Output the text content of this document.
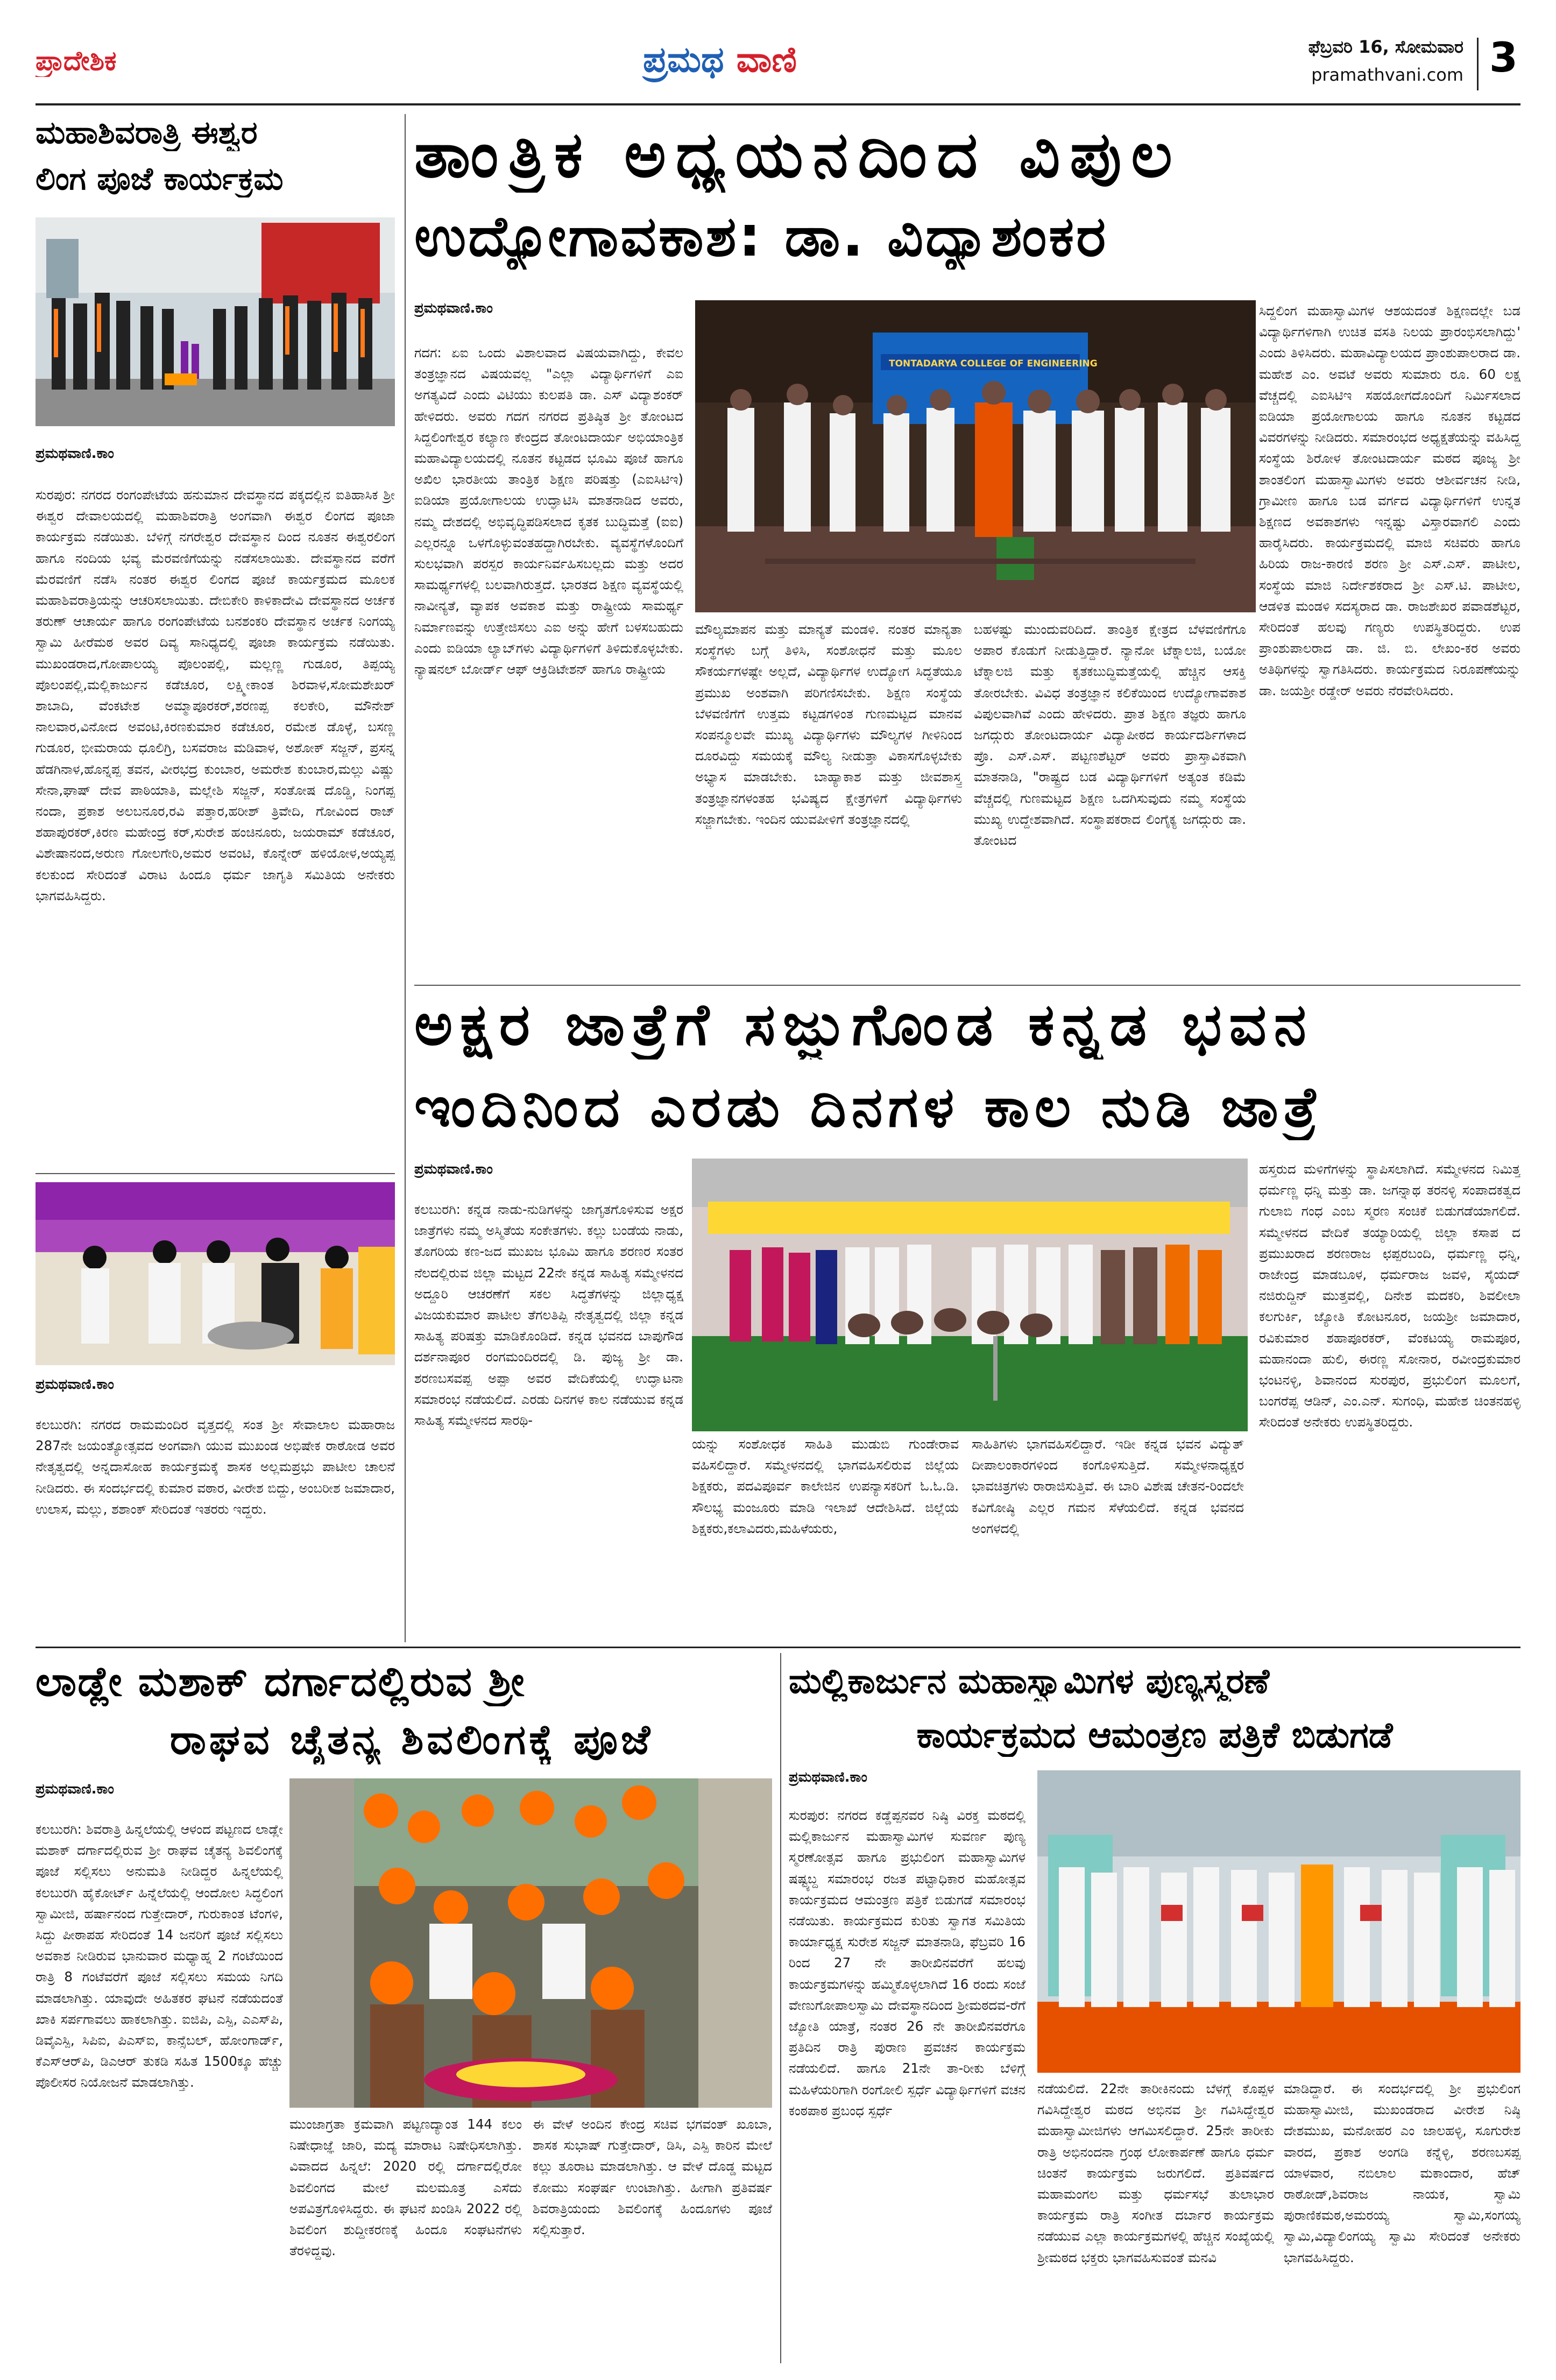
ಪ್ರಾದೇಶಿಕ	ಪ್ರಮಥ ವಾಣಿ	ಫೆಬ್ರವರಿ 16, ಸೋಮವಾರ
pramathvani.com 3
ಮಹಾಶಿವರಾತ್ರಿ ಈಶ್ವರ
ಲಿಂಗ ಪೂಜೆ ಕಾರ್ಯಕ್ರಮ
ಪ್ರಮಥವಾಣಿ.ಕಾಂ
ಸುರಪುರ: ನಗರದ ರಂಗಂಪೇಟೆಯ ಹನುಮಾನ ದೇವಸ್ಥಾನದ ಪಕ್ಕದಲ್ಲಿನ ಐತಿಹಾಸಿಕ ಶ್ರೀ ಈಶ್ವರ ದೇವಾಲಯದಲ್ಲಿ ಮಹಾಶಿವರಾತ್ರಿ ಅಂಗವಾಗಿ ಈಶ್ವರ ಲಿಂಗದ ಪೂಜಾ ಕಾರ್ಯಕ್ರಮ ನಡೆಯಿತು. ಬೆಳಿಗ್ಗೆ ನಗರೇಶ್ವರ ದೇವಸ್ಥಾನ ದಿಂದ ನೂತನ ಈಶ್ವರಲಿಂಗ ಹಾಗೂ ನಂದಿಯ ಭವ್ಯ ಮೆರವಣಿಗೆಯನ್ನು ನಡೆಸಲಾಯಿತು. ದೇವಸ್ಥಾನದ ವರೆಗೆ ಮೆರವಣಿಗೆ ನಡೆಸಿ ನಂತರ ಈಶ್ವರ ಲಿಂಗದ ಪೂಜೆ ಕಾರ್ಯಕ್ರಮದ ಮೂಲಕ ಮಹಾಶಿವರಾತ್ರಿಯನ್ನು ಆಚರಿಸಲಾಯಿತು. ದೇಬಿಕೇರಿ ಕಾಳಿಕಾದೇವಿ ದೇವಸ್ಥಾನದ ಅರ್ಚಕ ತರುಣ್ ಆಚಾರ್ಯ ಹಾಗೂ ರಂಗಂಪೇಟೆಯ ಬನಶಂಕರಿ ದೇವಸ್ಥಾನ ಅರ್ಚಕ ನಿಂಗಯ್ಯ ಸ್ವಾಮಿ ಹೀರೆಮಠ ಅವರ ದಿವ್ಯ ಸಾನಿಧ್ಯದಲ್ಲಿ ಪೂಜಾ ಕಾರ್ಯಕ್ರಮ ನಡೆಯಿತು. ಮುಖಂಡರಾದ,ಗೋಪಾಲಯ್ಯ ಪೊಲಂಪಲ್ಲಿ, ಮಲ್ಲಣ್ಣ ಗುಡೂರ, ತಿಪ್ಪಯ್ಯ ಪೊಲಂಪಲ್ಲಿ,ಮಲ್ಲಿಕಾರ್ಜುನ ಕಡೆಚೂರ, ಲಕ್ಷ್ಮೀಕಾಂತ ಶಿರವಾಳ,ಸೋಮಶೇಖರ್ ಶಾಬಾದಿ, ವೆಂಕಟೇಶ ಅಮ್ಮಾಪೂರಕರ್,ಶರಣಪ್ಪ ಕಲಕೇರಿ, ಮೌನೇಶ್ ನಾಲವಾರ,ವಿನೋದ ಅವಂಟಿ,ಕಿರಣಕುಮಾರ ಕಡೆಚೂರ, ರಮೇಶ ಡೊಳ್ಳೆ, ಬಸಣ್ಣ ಗುಡೂರ, ಭೀಮರಾಯ ಧೂಲಿಗ್ರಿ, ಬಸವರಾಜ ಮಡಿವಾಳ, ಅಶೋಕ್ ಸಜ್ಜನ್, ಪ್ರಸನ್ನ ಹೆಡಗಿನಾಳ,ಹೊನ್ನಪ್ಪ ತವನ, ವೀರಭದ್ರ ಕುಂಬಾರ, ಅಮರೇಶ ಕುಂಬಾರ,ಮಲ್ಲು ವಿಷ್ಣು ಸೇನಾ,ಘಾಷ್ ದೇವ ಪಾಠಿಯಾತಿ, ಮಲ್ಲೇಶಿ ಸಜ್ಜನ್, ಸಂತೋಷ ದೊಡ್ಡಿ, ನಿಂಗಪ್ಪ ನಂದಾ, ಪ್ರಕಾಶ ಅಲಬನೂರ,ರವಿ ಪತ್ತಾರ,ಹರೀಶ್ ತ್ರಿವೇದಿ, ಗೋವಿಂದ ರಾಜ್ ಶಹಾಪುರಕರ್,ಕಿರಣ ಮಹೇಂದ್ರ ಕರ್,ಸುರೇಶ ಹಂಚಿನೂರು, ಜಯರಾಮ್ ಕಡೆಚೂರ, ವಿಶೇಷಾನಂದ,ಅರುಣ ಗೋಲಗೇರಿ,ಅಮರ ಅವಂಟಿ, ಕೊನ್ನೇರ್ ಹಳಿಯೋಳ,ಅಯ್ಯಪ್ಪ ಕಲಕುಂದ ಸೇರಿದಂತೆ ವಿರಾಟ ಹಿಂದೂ ಧರ್ಮ ಜಾಗೃತಿ ಸಮಿತಿಯ ಅನೇಕರು ಭಾಗವಹಿಸಿದ್ದರು.
ಪ್ರಮಥವಾಣಿ.ಕಾಂ
ಕಲಬುರಗಿ: ನಗರದ ರಾಮಮಂದಿರ ವೃತ್ತದಲ್ಲಿ ಸಂತ ಶ್ರೀ ಸೇವಾಲಾಲ ಮಹಾರಾಜ 287ನೇ ಜಯಂತ್ಯೋತ್ಸವದ ಅಂಗವಾಗಿ ಯುವ ಮುಖಂಡ ಅಭಿಷೇಕ ರಾಠೋಡ ಅವರ ನೇತೃತ್ವದಲ್ಲಿ ಅನ್ನದಾಸೋಹ ಕಾರ್ಯಕ್ರಮಕ್ಕೆ ಶಾಸಕ ಅಲ್ಲಮಪ್ರಭು ಪಾಟೀಲ ಚಾಲನೆ ನೀಡಿದರು. ಈ ಸಂದರ್ಭದಲ್ಲಿ ಕುಮಾರ ವಠಾರ, ವೀರೇಶ ಬಿದ್ದು, ಅಂಬರೀಶ ಜಮಾದಾರ, ಉಲಾಸ, ಮಲ್ಲು, ಶಶಾಂಕ್ ಸೇರಿದಂತೆ ಇತರರು ಇದ್ದರು.
ತಾಂತ್ರಿಕ ಅಧ್ಯಯನದಿಂದ ವಿಪುಲ
ಉದ್ಯೋಗಾವಕಾಶ: ಡಾ. ವಿದ್ಯಾಶಂಕರ
ಪ್ರಮಥವಾಣಿ.ಕಾಂ
ಗದಗ: ಏಐ ಒಂದು ವಿಶಾಲವಾದ ವಿಷಯವಾಗಿದ್ದು, ಕೇವಲ ತಂತ್ರಜ್ಞಾನದ ವಿಷಯವಲ್ಲ "ಎಲ್ಲಾ ವಿದ್ಯಾರ್ಥಿಗಳಿಗೆ ಎಐ ಅಗತ್ಯವಿದೆ ಎಂದು ವಿಟಿಯು ಕುಲಪತಿ ಡಾ. ಎಸ್ ವಿದ್ಯಾಶಂಕರ್ ಹೇಳಿದರು. ಅವರು ಗದಗ ನಗರದ ಪ್ರತಿಷ್ಠಿತ ಶ್ರೀ ತೋಂಟದ ಸಿದ್ದಲಿಂಗೇಶ್ವರ ಕಲ್ಯಾಣ ಕೇಂದ್ರದ ತೋಂಟದಾರ್ಯ ಅಭಿಯಾಂತ್ರಿಕ ಮಹಾವಿದ್ಯಾಲಯದಲ್ಲಿ ನೂತನ ಕಟ್ಟಡದ ಭೂಮಿ ಪೂಜೆ ಹಾಗೂ ಅಖಿಲ ಭಾರತೀಯ ತಾಂತ್ರಿಕ ಶಿಕ್ಷಣ ಪರಿಷತ್ತು (ಎಐಸಿಟಿಇ) ಐಡಿಯಾ ಪ್ರಯೋಗಾಲಯ ಉದ್ಘಾಟಿಸಿ ಮಾತನಾಡಿದ ಅವರು, ನಮ್ಮ ದೇಶದಲ್ಲಿ ಅಭಿವೃದ್ಧಿಪಡಿಸಲಾದ ಕೃತಕ ಬುದ್ಧಿಮತ್ತೆ (ಐಐ) ಎಲ್ಲರನ್ನೂ ಒಳಗೊಳ್ಳುವಂತಹದ್ದಾಗಿರಬೇಕು. ವ್ಯವಸ್ಥೆಗಳೊಂದಿಗೆ ಸುಲಭವಾಗಿ ಪರಸ್ಪರ ಕಾರ್ಯನಿರ್ವಹಿಸಬಲ್ಲದು ಮತ್ತು ಅದರ ಸಾಮರ್ಥ್ಯಗಳಲ್ಲಿ ಬಲವಾಗಿರುತ್ತದೆ. ಭಾರತದ ಶಿಕ್ಷಣ ವ್ಯವಸ್ಥೆಯಲ್ಲಿ ನಾವೀನ್ಯತೆ, ವ್ಯಾಪಕ ಅವಕಾಶ ಮತ್ತು ರಾಷ್ಟ್ರೀಯ ಸಾಮರ್ಥ್ಯ ನಿರ್ಮಾಣವನ್ನು ಉತ್ತೇಜಿಸಲು ಎಐ ಅನ್ನು ಹೇಗೆ ಬಳಸಬಹುದು ಎಂದು ಐಡಿಯಾ ಲ್ಯಾಬ್‌ಗಳು ವಿದ್ಯಾರ್ಥಿಗಳಿಗೆ ತಿಳಿದುಕೊಳ್ಳಬೇಕು. ನ್ಯಾಷನಲ್ ಬೋರ್ಡ್ ಆಫ್ ಆಕ್ರಿಡಿಟೇಶನ್ ಹಾಗೂ ರಾಷ್ಟ್ರೀಯ
TONTADARYA COLLEGE OF ENGINEERING
ಮೌಲ್ಯಮಾಪನ ಮತ್ತು ಮಾನ್ಯತೆ ಮಂಡಳಿ. ನಂತರ ಮಾನ್ಯತಾ ಸಂಸ್ಥೆಗಳು ಬಗ್ಗೆ ತಿಳಿಸಿ, ಸಂಶೋಧನೆ ಮತ್ತು ಮೂಲ ಸೌಕರ್ಯಗಳಷ್ಟೇ ಅಲ್ಲದೆ, ವಿದ್ಯಾರ್ಥಿಗಳ ಉದ್ಯೋಗ ಸಿದ್ಧತೆಯೂ ಪ್ರಮುಖ ಅಂಶವಾಗಿ ಪರಿಗಣಿಸಬೇಕು. ಶಿಕ್ಷಣ ಸಂಸ್ಥೆಯ ಬೆಳವಣಿಗೆಗೆ ಉತ್ತಮ ಕಟ್ಟಡಗಳಿಂತ ಗುಣಮಟ್ಟದ ಮಾನವ ಸಂಪನ್ಮೂಲವೇ ಮುಖ್ಯ ವಿದ್ಯಾರ್ಥಿಗಳು ಮೌಲ್ಯಗಳ ಗೀಳಿನಿಂದ ದೂರವಿದ್ದು ಸಮಯಕ್ಕೆ ಮೌಲ್ಯ ನೀಡುತ್ತಾ ವಿಕಾಸಗೊಳ್ಳಬೇಕು ಅಭ್ಯಾಸ ಮಾಡಬೇಕು. ಬಾಹ್ಯಾಕಾಶ ಮತ್ತು ಜೀವಶಾಸ್ತ್ರ ತಂತ್ರಜ್ಞಾನಗಳಂತಹ ಭವಿಷ್ಯದ ಕ್ಷೇತ್ರಗಳಿಗೆ ವಿದ್ಯಾರ್ಥಿಗಳು ಸಜ್ಜಾಗಬೇಕು. ಇಂದಿನ ಯುವಪೀಳಿಗೆ ತಂತ್ರಜ್ಞಾನದಲ್ಲಿ
ಬಹಳಷ್ಟು ಮುಂದುವರಿದಿದೆ. ತಾಂತ್ರಿಕ ಕ್ಷೇತ್ರದ ಬೆಳವಣಿಗೆಗೂ ಅಪಾರ ಕೊಡುಗೆ ನೀಡುತ್ತಿದ್ದಾರೆ. ನ್ಯಾನೋ ಟೆಕ್ನಾಲಜಿ, ಬಯೋ ಟೆಕ್ನಾಲಜಿ ಮತ್ತು ಕೃತಕಬುದ್ಧಿಮತ್ತೆಯಲ್ಲಿ ಹೆಚ್ಚಿನ ಆಸಕ್ತಿ ತೋರಬೇಕು. ವಿವಿಧ ತಂತ್ರಜ್ಞಾನ ಕಲಿಕೆಯಿಂದ ಉದ್ಯೋಗಾವಕಾಶ ವಿಪುಲವಾಗಿವೆ ಎಂದು ಹೇಳಿದರು. ಪ್ರಾತ ಶಿಕ್ಷಣ ತಜ್ಞರು ಹಾಗೂ ಜಗದ್ಗುರು ತೋಂಟದಾರ್ಯ ವಿದ್ಯಾಪೀಠದ ಕಾರ್ಯದರ್ಶಿಗಳಾದ ಪ್ರೊ. ಎಸ್.ಎಸ್. ಪಟ್ಟಣಶೆಟ್ಟರ್ ಅವರು ಪ್ರಾಸ್ತಾವಿಕವಾಗಿ ಮಾತನಾಡಿ, "ರಾಷ್ಟ್ರದ ಬಡ ವಿದ್ಯಾರ್ಥಿಗಳಿಗೆ ಅತ್ಯಂತ ಕಡಿಮೆ ವೆಚ್ಚದಲ್ಲಿ ಗುಣಮಟ್ಟದ ಶಿಕ್ಷಣ ಒದಗಿಸುವುದು ನಮ್ಮ ಸಂಸ್ಥೆಯ ಮುಖ್ಯ ಉದ್ದೇಶವಾಗಿದೆ. ಸಂಸ್ಥಾಪಕರಾದ ಲಿಂಗೈಕ್ಯ ಜಗದ್ಗುರು ಡಾ. ತೋಂಟದ
ಸಿದ್ದಲಿಂಗ ಮಹಾಸ್ವಾಮಿಗಳ ಆಶಯದಂತೆ ಶಿಕ್ಷಣದಲ್ಲೇ ಬಡ ವಿದ್ಯಾರ್ಥಿಗಳಿಗಾಗಿ ಉಚಿತ ವಸತಿ ನಿಲಯ ಪ್ರಾರಂಭಿಸಲಾಗಿದ್ದು' ಎಂದು ತಿಳಿಸಿದರು. ಮಹಾವಿದ್ಯಾಲಯದ ಪ್ರಾಂಶುಪಾಲರಾದ ಡಾ. ಮಹೇಶ ಎಂ. ಅವಟೆ ಅವರು ಸುಮಾರು ರೂ. 60 ಲಕ್ಷ ವೆಚ್ಚದಲ್ಲಿ ಎಐಸಿಟಿಇ ಸಹಯೋಗದೊಂದಿಗೆ ನಿರ್ಮಿಸಲಾದ ಐಡಿಯಾ ಪ್ರಯೋಗಾಲಯ ಹಾಗೂ ನೂತನ ಕಟ್ಟಡದ ವಿವರಗಳನ್ನು ನೀಡಿದರು. ಸಮಾರಂಭದ ಅಧ್ಯಕ್ಷತೆಯನ್ನು ವಹಿಸಿದ್ದ ಸಂಸ್ಥೆಯ ಶಿರೋಳ ತೋಂಟದಾರ್ಯ ಮಠದ ಪೂಜ್ಯ ಶ್ರೀ ಶಾಂತಲಿಂಗ ಮಹಾಸ್ವಾಮಿಗಳು ಅವರು ಆಶೀರ್ವಚನ ನೀಡಿ, ಗ್ರಾಮೀಣ ಹಾಗೂ ಬಡ ವರ್ಗದ ವಿದ್ಯಾರ್ಥಿಗಳಿಗೆ ಉನ್ನತ ಶಿಕ್ಷಣದ ಅವಕಾಶಗಳು ಇನ್ನಷ್ಟು ವಿಸ್ತಾರವಾಗಲಿ ಎಂದು ಹಾರೈಸಿದರು. ಕಾರ್ಯಕ್ರಮದಲ್ಲಿ ಮಾಜಿ ಸಚಿವರು ಹಾಗೂ ಹಿರಿಯ ರಾಜ-ಕಾರಣಿ ಶರಣ ಶ್ರೀ ಎಸ್.ಎಸ್. ಪಾಟೀಲ, ಸಂಸ್ಥೆಯ ಮಾಜಿ ನಿರ್ದೇಶಕರಾದ ಶ್ರೀ ಎಸ್.ಟಿ. ಪಾಟೀಲ, ಆಡಳಿತ ಮಂಡಳಿ ಸದಸ್ಯರಾದ ಡಾ. ರಾಜಶೇಖರ ಪವಾಡಶೆಟ್ಟರ, ಸೇರಿದಂತೆ ಹಲವು ಗಣ್ಯರು ಉಪಸ್ಥಿತರಿದ್ದರು. ಉಪ ಪ್ರಾಂಶುಪಾಲರಾದ ಡಾ. ಜಿ. ಬಿ. ಲೇಖಂ-ಕರ ಅವರು ಅತಿಥಿಗಳನ್ನು ಸ್ವಾಗತಿಸಿದರು. ಕಾರ್ಯಕ್ರಮದ ನಿರೂಪಣೆಯನ್ನು ಡಾ. ಜಯಶ್ರೀ ರಡ್ಡೇರ್ ಅವರು ನೆರವೇರಿಸಿದರು.
ಅಕ್ಷರ ಜಾತ್ರೆಗೆ ಸಜ್ಜುಗೊಂಡ ಕನ್ನಡ ಭವನ
ಇಂದಿನಿಂದ ಎರಡು ದಿನಗಳ ಕಾಲ ನುಡಿ ಜಾತ್ರೆ
ಪ್ರಮಥವಾಣಿ.ಕಾಂ
ಕಲಬುರಗಿ: ಕನ್ನಡ ನಾಡು-ನುಡಿಗಳನ್ನು ಜಾಗೃತಗೊಳಿಸುವ ಅಕ್ಷರ ಜಾತ್ರೆಗಳು ನಮ್ಮ ಅಸ್ಮಿತೆಯ ಸಂಕೇತಗಳು. ಕಲ್ಲು ಬಂಡೆಯ ನಾಡು, ತೊಗರಿಯ ಕಣ-ಜದ ಮುಖಜ ಭೂಮಿ ಹಾಗೂ ಶರಣರ ಸಂತರ ನೆಲದಲ್ಲಿರುವ ಜಿಲ್ಲಾ ಮಟ್ಟದ 22ನೇ ಕನ್ನಡ ಸಾಹಿತ್ಯ ಸಮ್ಮೇಳನದ ಅದ್ದೂರಿ ಆಚರಣೆಗೆ ಸಕಲ ಸಿದ್ಧತೆಗಳನ್ನು ಜಿಲ್ಲಾಧ್ಯಕ್ಷ ವಿಜಯಕುಮಾರ ಪಾಟೀಲ ತೆಗಲತಿಪ್ಪಿ ನೇತೃತ್ವದಲ್ಲಿ ಜಿಲ್ಲಾ ಕನ್ನಡ ಸಾಹಿತ್ಯ ಪರಿಷತ್ತು ಮಾಡಿಕೊಂಡಿದೆ. ಕನ್ನಡ ಭವನದ ಬಾಪುಗೌಡ ದರ್ಶನಾಪೂರ ರಂಗಮಂದಿರದಲ್ಲಿ ಡಿ. ಪುಜ್ಯ ಶ್ರೀ ಡಾ. ಶರಣಬಸವಪ್ಪ ಅಪ್ಪಾ ಅವರ ವೇದಿಕೆಯಲ್ಲಿ ಉದ್ಘಾಟನಾ ಸಮಾರಂಭ ನಡೆಯಲಿದೆ. ಎರಡು ದಿನಗಳ ಕಾಲ ನಡೆಯುವ ಕನ್ನಡ ಸಾಹಿತ್ಯ ಸಮ್ಮೇಳನದ ಸಾರಥಿ-
ಯನ್ನು ಸಂಶೋಧಕ ಸಾಹಿತಿ ಮುಡುಬಿ ಗುಂಡೇರಾವ ವಹಿಸಲಿದ್ದಾರೆ. ಸಮ್ಮೇಳನದಲ್ಲಿ ಭಾಗವಹಿಸಲಿರುವ ಜಿಲ್ಲೆಯ ಶಿಕ್ಷಕರು, ಪದವಿಪೂರ್ವ ಕಾಲೇಜಿನ ಉಪನ್ಯಾಸಕರಿಗೆ ಓ.ಓ.ಡಿ. ಸೌಲಭ್ಯ ಮಂಜೂರು ಮಾಡಿ ಇಲಾಖೆ ಆದೇಶಿಸಿದೆ. ಜಿಲ್ಲೆಯ ಶಿಕ್ಷಕರು,ಕಲಾವಿದರು,ಮಹಿಳೆಯರು,
ಸಾಹಿತಿಗಳು ಭಾಗವಹಿಸಲಿದ್ದಾರೆ. ಇಡೀ ಕನ್ನಡ ಭವನ ವಿದ್ಯುತ್ ದೀಪಾಲಂಕಾರಗಳಿಂದ ಕಂಗೊಳಿಸುತ್ತಿದೆ. ಸಮ್ಮೇಳನಾಧ್ಯಕ್ಷರ ಭಾವಚಿತ್ರಗಳು ರಾರಾಜಿಸುತ್ತಿವೆ. ಈ ಬಾರಿ ವಿಶೇಷ ಚೇತನ-ರಿಂದಲೇ ಕವಿಗೋಷ್ಠಿ ಎಲ್ಲರ ಗಮನ ಸೆಳೆಯಲಿದೆ. ಕನ್ನಡ ಭವನದ ಅಂಗಳದಲ್ಲಿ
ಹಸ್ತರುದ ಮಳಿಗೆಗಳನ್ನು ಸ್ಥಾಪಿಸಲಾಗಿದೆ. ಸಮ್ಮೇಳನದ ನಿಮಿತ್ತ ಧರ್ಮಣ್ಣ ಧನ್ನಿ ಮತ್ತು ಡಾ. ಜಗನ್ನಾಥ ತರನಳ್ಳಿ ಸಂಪಾದಕತ್ವದ ಗುಲಾಬಿ ಗಂಧ ಎಂಬ ಸ್ಮರಣ ಸಂಚಿಕೆ ಬಿಡುಗಡೆಯಾಗಲಿದೆ. ಸಮ್ಮೇಳನದ ವೇದಿಕೆ ತಯ್ಯಾರಿಯಲ್ಲಿ ಜಿಲ್ಲಾ ಕಸಾಪ ದ ಪ್ರಮುಖರಾದ ಶರಣರಾಜ ಛಪ್ಪರಬಂದಿ, ಧರ್ಮಣ್ಣ ಧನ್ನಿ, ರಾಜೇಂದ್ರ ಮಾಡಬೂಳ, ಧರ್ಮರಾಜ ಜವಳಿ, ಸೈಯದ್ ನಜಿರುದ್ದಿನ್ ಮುತ್ತವಲ್ಲಿ, ದಿನೇಶ ಮದಕರಿ, ಶಿವಲೀಲಾ ಕಲಗುರ್ಕಿ, ಜ್ಯೋತಿ ಕೋಟನೂರ, ಜಯಶ್ರೀ ಜಮಾದಾರ, ರವಿಕುಮಾರ ಶಹಾಪೂರಕರ್, ವೆಂಕಟಯ್ಯ ರಾಮಪೂರ, ಮಹಾನಂದಾ ಹುಲಿ, ಈರಣ್ಣ ಸೋನಾರ, ರವೀಂದ್ರಕುಮಾರ ಭಂಟನಳ್ಳಿ, ಶಿವಾನಂದ ಸುರಪುರ, ಪ್ರಭುಲಿಂಗ ಮೂಲಗೆ, ಬಂಗರೆಪ್ಪ ಆಡಿನ್, ಎಂ.ಎನ್. ಸುಗಂಧಿ, ಮಹೇಶ ಚಿಂತನಹಳ್ಳಿ ಸೇರಿದಂತೆ ಅನೇಕರು ಉಪಸ್ಥಿತರಿದ್ದರು.
ಲಾಡ್ಲೇ ಮಶಾಕ್ ದರ್ಗಾದಲ್ಲಿರುವ ಶ್ರೀ
ರಾಘವ ಚೈತನ್ಯ ಶಿವಲಿಂಗಕ್ಕೆ ಪೂಜೆ
ಪ್ರಮಥವಾಣಿ.ಕಾಂ
ಕಲಬುರಗಿ: ಶಿವರಾತ್ರಿ ಹಿನ್ನಲೆಯಲ್ಲಿ ಆಳಂದ ಪಟ್ಟಣದ ಲಾಡ್ಲೇ ಮಶಾಕ್ ದರ್ಗಾದಲ್ಲಿರುವ ಶ್ರೀ ರಾಘವ ಚೈತನ್ಯ ಶಿವಲಿಂಗಕ್ಕೆ ಪೂಜೆ ಸಲ್ಲಿಸಲು ಅನುಮತಿ ನೀಡಿದ್ದರ ಹಿನ್ನಲೆಯಲ್ಲಿ ಕಲಬುರಗಿ ಹೈಕೋರ್ಟ್ ಹಿನ್ನೆಲೆಯಲ್ಲಿ ಆಂದೋಲ ಸಿದ್ಧಲಿಂಗ ಸ್ವಾಮೀಜಿ, ಹರ್ಷಾನಂದ ಗುತ್ತೇದಾರ್, ಗುರುಕಾಂತ ಟೆಂಗಳಿ, ಸಿದ್ದು ಪೀಠಾಪಹ ಸೇರಿದಂತೆ 14 ಜನರಿಗೆ ಪೂಜೆ ಸಲ್ಲಿಸಲು ಅವಕಾಶ ನೀಡಿರುವ ಭಾನುವಾರ ಮಧ್ಯಾಹ್ನ 2 ಗಂಟೆಯಿಂದ ರಾತ್ರಿ 8 ಗಂಟೆವರೆಗೆ ಪೂಜೆ ಸಲ್ಲಿಸಲು ಸಮಯ ನಿಗದಿ ಮಾಡಲಾಗಿತ್ತು. ಯಾವುದೇ ಅಹಿತಕರ ಘಟನೆ ನಡೆಯದಂತೆ ಖಾಕಿ ಸರ್ಪಗಾವಲು ಹಾಕಲಾಗಿತ್ತು. ಐಜಿಪಿ, ಎಸ್ಪಿ, ಎಎಸ್‌ಪಿ, ಡಿವೈಎಸ್ಪಿ, ಸಿಪಿಐ, ಪಿಎಸ್‌ಐ, ಕಾನ್ಸೆಬಲ್, ಹೋಂಗಾರ್ಡ್, ಕೆಎಸ್‌ಆರ್‌ಪಿ, ಡಿಎಆರ್ ತುಕಡಿ ಸಹಿತ 1500ಕ್ಕೂ ಹೆಚ್ಚು ಪೊಲೀಸರ ನಿಯೋಜನೆ ಮಾಡಲಾಗಿತ್ತು.
ಮುಂಜಾಗ್ರತಾ ಕ್ರಮವಾಗಿ ಪಟ್ಟಣದ್ಯಾಂತ 144 ಕಲಂ ನಿಷೇಧಾಜ್ಞೆ ಜಾರಿ, ಮದ್ಯ ಮಾರಾಟ ನಿಷೇಧಿಸಲಾಗಿತ್ತು. ವಿವಾದದ ಹಿನ್ನಲೆ: 2020 ರಲ್ಲಿ ದರ್ಗಾದಲ್ಲಿರೋ ಶಿವಲಿಂಗದ ಮೇಲೆ ಮಲಮೂತ್ರ ಎಸೆದು ಅಪವಿತ್ರಗೊಳಿಸಿದ್ದರು. ಈ ಘಟನೆ ಖಂಡಿಸಿ 2022 ರಲ್ಲಿ ಶಿವಲಿಂಗ ಶುದ್ದೀಕರಣಕ್ಕೆ ಹಿಂದೂ ಸಂಘಟನೆಗಳು ತೆರಳಿದ್ದವು.
ಈ ವೇಳೆ ಅಂದಿನ ಕೇಂದ್ರ ಸಚಿವ ಭಗವಂತ್ ಖೂಬಾ, ಶಾಸಕ ಸುಭಾಷ್ ಗುತ್ತೇದಾರ್, ಡಿಸಿ, ಎಸ್ಪಿ ಕಾರಿನ ಮೇಲೆ ಕಲ್ಲು ತೂರಾಟ ಮಾಡಲಾಗಿತ್ತು. ಆ ವೇಳೆ ದೊಡ್ಡ ಮಟ್ಟದ ಕೋಮು ಸಂಘರ್ಷ ಉಂಟಾಗಿತ್ತು. ಹೀಗಾಗಿ ಪ್ರತಿವರ್ಷ ಶಿವರಾತ್ರಿಯಂದು ಶಿವಲಿಂಗಕ್ಕೆ ಹಿಂದೂಗಳು ಪೂಜೆ ಸಲ್ಲಿಸುತ್ತಾರೆ.
ಮಲ್ಲಿಕಾರ್ಜುನ ಮಹಾಸ್ವಾಮಿಗಳ ಪುಣ್ಯಸ್ಮರಣೆ
ಕಾರ್ಯಕ್ರಮದ ಆಮಂತ್ರಣ ಪತ್ರಿಕೆ ಬಿಡುಗಡೆ
ಪ್ರಮಥವಾಣಿ.ಕಾಂ
ಸುರಪುರ: ನಗರದ ಕಡ್ಡೆಪ್ಪನವರ ನಿಷ್ಠಿ ವಿರಕ್ತ ಮಠದಲ್ಲಿ ಮಲ್ಲಿಕಾರ್ಜುನ ಮಹಾಸ್ವಾಮಿಗಳ ಸುವರ್ಣ ಪುಣ್ಯ ಸ್ಮರಣೋತ್ಸವ ಹಾಗೂ ಪ್ರಭುಲಿಂಗ ಮಹಾಸ್ವಾಮಿಗಳ ಷಷ್ಟ್ಯಬ್ದ ಸಮಾರಂಭ ರಜತ ಪಟ್ಟಾಧಿಕಾರ ಮಹೋತ್ಸವ ಕಾರ್ಯಕ್ರಮದ ಆಮಂತ್ರಣ ಪತ್ರಿಕೆ ಬಿಡುಗಡೆ ಸಮಾರಂಭ ನಡೆಯಿತು. ಕಾರ್ಯಕ್ರಮದ ಕುರಿತು ಸ್ವಾಗತ ಸಮಿತಿಯ ಕಾರ್ಯಾಧ್ಯಕ್ಷ ಸುರೇಶ ಸಜ್ಜನ್ ಮಾತನಾಡಿ, ಫೆಬ್ರವರಿ 16 ರಿಂದ 27 ನೇ ತಾರೀಖಿನವರೆಗೆ ಹಲವು ಕಾರ್ಯಕ್ರಮಗಳನ್ನು ಹಮ್ಮಿಕೊಳ್ಳಲಾಗಿದೆ 16 ರಂದು ಸಂಜೆ ವೇಣುಗೋಪಾಲಸ್ವಾಮಿ ದೇವಸ್ಥಾನದಿಂದ ಶ್ರೀಮಠದವ-ರೆಗೆ ಜ್ಯೋತಿ ಯಾತ್ರೆ, ನಂತರ 26 ನೇ ತಾರೀಖಿನವರೆಗೂ ಪ್ರತಿದಿನ ರಾತ್ರಿ ಪುರಾಣ ಪ್ರವಚನ ಕಾರ್ಯಕ್ರಮ ನಡೆಯಲಿದೆ. ಹಾಗೂ 21ನೇ ತಾ-ರೀಕು ಬೆಳಿಗ್ಗೆ ಮಹಿಳೆಯರಿಗಾಗಿ ರಂಗೋಲಿ ಸ್ಪರ್ಧೆ ವಿದ್ಯಾರ್ಥಿಗಳಿಗೆ ವಚನ ಕಂಠಪಾಠ ಪ್ರಬಂಧ ಸ್ಪರ್ಧೆ
ನಡೆಯಲಿದೆ. 22ನೇ ತಾರೀಕಿನಂದು ಬೆಳಗ್ಗೆ ಕೊಪ್ಪಳ ಗವಿಸಿದ್ದೇಶ್ವರ ಮಠದ ಅಭಿನವ ಶ್ರೀ ಗವಿಸಿದ್ದೇಶ್ವರ ಮಹಾಸ್ವಾಮೀಜಿಗಳು ಆಗಮಿಸಲಿದ್ದಾರೆ. 25ನೇ ತಾರೀಕು ರಾತ್ರಿ ಅಭಿನಂದನಾ ಗ್ರಂಥ ಲೋಕಾರ್ಪಣೆ ಹಾಗೂ ಧರ್ಮ ಚಿಂತನೆ ಕಾರ್ಯಕ್ರಮ ಜರುಗಲಿದೆ. ಪ್ರತಿವರ್ಷದ ಮಹಾಮಂಗಲ ಮತ್ತು ಧರ್ಮಸಭೆ ತುಲಾಭಾರ ಕಾರ್ಯಕ್ರಮ ರಾತ್ರಿ ಸಂಗೀತ ದರ್ಬಾರ ಕಾರ್ಯಕ್ರಮ ನಡೆಯುವ ಎಲ್ಲಾ ಕಾರ್ಯಕ್ರಮಗಳಲ್ಲಿ ಹೆಚ್ಚಿನ ಸಂಖ್ಯೆಯಲ್ಲಿ ಶ್ರೀಮಠದ ಭಕ್ತರು ಭಾಗವಹಿಸುವಂತೆ ಮನವಿ
ಮಾಡಿದ್ದಾರೆ. ಈ ಸಂದರ್ಭದಲ್ಲಿ ಶ್ರೀ ಪ್ರಭುಲಿಂಗ ಮಹಾಸ್ವಾಮೀಜಿ, ಮುಖಂಡರಾದ ವೀರೇಶ ನಿಷ್ಠಿ ದೇಶಮುಖ, ಮನೋಹರ ಎಂ ಜಾಲಹಳ್ಳಿ, ಸೂಗುರೇಶ ವಾರದ, ಪ್ರಕಾಶ ಅಂಗಡಿ ಕನ್ನೆಳ್ಳಿ, ಶರಣಬಸಪ್ಪ ಯಾಳವಾರ, ನಬಿಲಾಲ ಮಕಾಂದಾರ, ಹೆಚ್ ರಾಠೋಡ್,ಶಿವರಾಜ ನಾಯಕ, ಸ್ವಾಮಿ ಪುರಾಣಿಕಮಠ,ಅಮರಯ್ಯ ಸ್ವಾಮಿ,ಸಂಗಯ್ಯ ಸ್ವಾಮಿ,ವಿದ್ಯಾಲಿಂಗಯ್ಯ ಸ್ವಾಮಿ ಸೇರಿದಂತೆ ಅನೇಕರು ಭಾಗವಹಿಸಿದ್ದರು.
